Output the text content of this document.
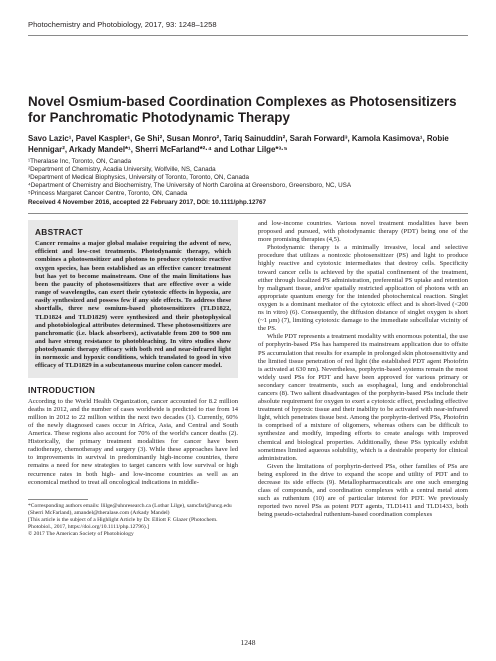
Photochemistry and Photobiology, 2017, 93: 1248–1258
Novel Osmium-based Coordination Complexes as Photosensitizers for Panchromatic Photodynamic Therapy
Savo Lazic¹, Pavel Kaspler¹, Ge Shi², Susan Monro², Tariq Sainuddin², Sarah Forward³, Kamola Kasimova¹, Robie Hennigar², Arkady Mandel*¹, Sherri McFarland*²·⁴ and Lothar Lilge*³·⁵
¹Theralase Inc, Toronto, ON, Canada
²Department of Chemistry, Acadia University, Wolfville, NS, Canada
³Department of Medical Biophysics, University of Toronto, Toronto, ON, Canada
⁴Department of Chemistry and Biochemistry, The University of North Carolina at Greensboro, Greensboro, NC, USA
⁵Princess Margaret Cancer Centre, Toronto, ON, Canada
Received 4 November 2016, accepted 22 February 2017, DOI: 10.1111/php.12767
ABSTRACT
Cancer remains a major global malaise requiring the advent of new, efficient and low-cost treatments. Photodynamic therapy, which combines a photosensitizer and photons to produce cytotoxic reactive oxygen species, has been established as an effective cancer treatment but has yet to become mainstream. One of the main limitations has been the paucity of photosensitizers that are effective over a wide range of wavelengths, can exert their cytotoxic effects in hypoxia, are easily synthesized and possess few if any side effects. To address these shortfalls, three new osmium-based photosensitizers (TLD1822, TLD1824 and TLD1829) were synthesized and their photophysical and photobiological attributes determined. These photosensitizers are panchromatic (i.e. black absorbers), activatable from 200 to 900 nm and have strong resistance to photobleaching. In vitro studies show photodynamic therapy efficacy with both red and near-infrared light in normoxic and hypoxic conditions, which translated to good in vivo efficacy of TLD1829 in a subcutaneous murine colon cancer model.
INTRODUCTION

According to the World Health Organization, cancer accounted for 8.2 million deaths in 2012, and the number of cases worldwide is predicted to rise from 14 million in 2012 to 22 million within the next two decades (1). Currently, 60% of the newly diagnosed cases occur in Africa, Asia, and Central and South America. These regions also account for 70% of the world's cancer deaths (2). Historically, the primary treatment modalities for cancer have been radiotherapy, chemotherapy and surgery (3). While these approaches have led to improvements in survival in predominantly high-income countries, there remains a need for new strategies to target cancers with low survival or high recurrence rates in both high- and low-income countries as well as an economical method to treat all oncological indications in middle-

*Corresponding authors emails: llilge@uhnresearch.ca (Lothar Lilge), samcfarl@uncg.edu (Sherri McFarland), amandel@theralase.com (Arkady Mandel)
[This article is the subject of a Highlight Article by Dr. Elliott F. Glazer (Photochem. Photobiol., 2017, https://doi.org/10.1111/php.12796).]
© 2017 The American Society of Photobiology

and low-income countries. Various novel treatment modalities have been proposed and pursued, with photodynamic therapy (PDT) being one of the more promising therapies (4,5).

Photodynamic therapy is a minimally invasive, local and selective procedure that utilizes a nontoxic photosensitizer (PS) and light to produce highly reactive and cytotoxic intermediates that destroy cells. Specificity toward cancer cells is achieved by the spatial confinement of the treatment, either through localized PS administration, preferential PS uptake and retention by malignant tissue, and/or spatially restricted application of photons with an appropriate quantum energy for the intended photochemical reaction. Singlet oxygen is a dominant mediator of the cytotoxic effect and is short-lived (<200 ns in vitro) (6). Consequently, the diffusion distance of singlet oxygen is short (~1 μm) (7), limiting cytotoxic damage to the immediate subcellular vicinity of the PS.

While PDT represents a treatment modality with enormous potential, the use of porphyrin-based PSs has hampered its mainstream application due to offsite PS accumulation that results for example in prolonged skin photosensitivity and the limited tissue penetration of red light (the established PDT agent Photofrin is activated at 630 nm). Nevertheless, porphyrin-based systems remain the most widely used PSs for PDT and have been approved for various primary or secondary cancer treatments, such as esophageal, lung and endobronchial cancers (8). Two salient disadvantages of the porphyrin-based PSs include their absolute requirement for oxygen to exert a cytotoxic effect, precluding effective treatment of hypoxic tissue and their inability to be activated with near-infrared light, which penetrates tissue best. Among the porphyrin-derived PSs, Photofrin is comprised of a mixture of oligomers, whereas others can be difficult to synthesize and modify, impeding efforts to create analogs with improved chemical and biological properties. Additionally, these PSs typically exhibit sometimes limited aqueous solubility, which is a desirable property for clinical administration.

Given the limitations of porphyrin-derived PSs, other families of PSs are being explored in the drive to expand the scope and utility of PDT and to decrease its side effects (9). Metallopharmaceuticals are one such emerging class of compounds, and coordination complexes with a central metal atom such as ruthenium (10) are of particular interest for PDT. We previously reported two novel PSs as potent PDT agents, TLD1411 and TLD1433, both being pseudo-octahedral ruthenium-based coordination complexes

1248
